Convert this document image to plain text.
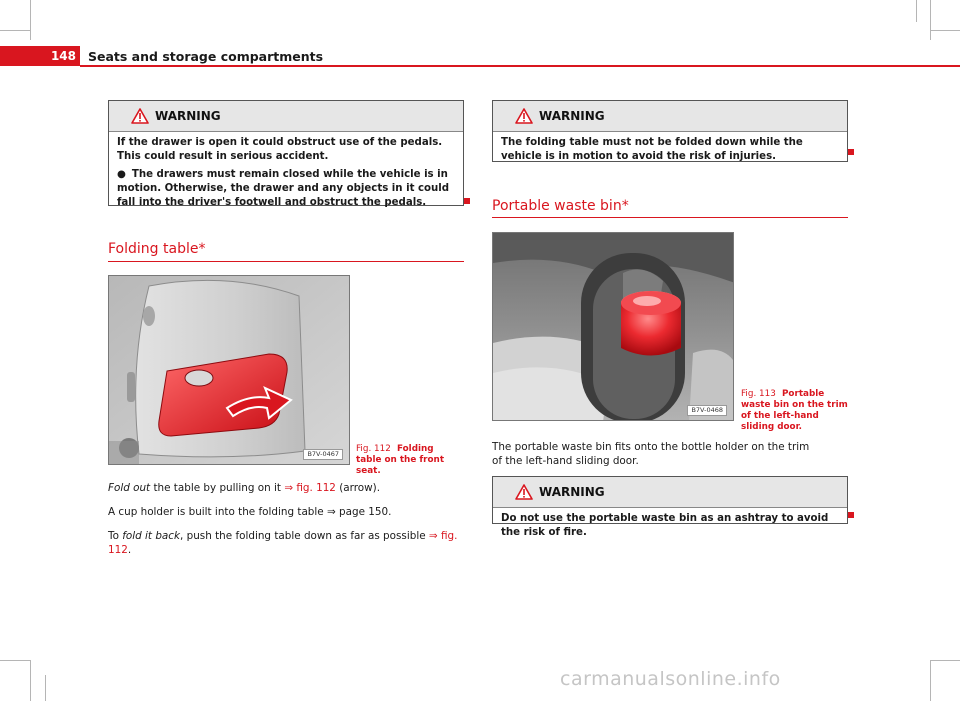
148 Seats and storage compartments
WARNING

If the drawer is open it could obstruct use of the pedals. This could result in serious accident.

● The drawers must remain closed while the vehicle is in motion. Otherwise, the drawer and any objects in it could fall into the driver's footwell and obstruct the pedals.

Folding table*
B7V-0467	Fig. 112 Folding table on the front seat.
Fold out the table by pulling on it ⇒ fig. 112 (arrow).
A cup holder is built into the folding table ⇒ page 150.
To fold it back, push the folding table down as far as possible ⇒ fig. 112.
WARNING

The folding table must not be folded down while the vehicle is in motion to avoid the risk of injuries.

Portable waste bin*
B7V-0468
Fig. 113 Portable waste bin on the trim of the left-hand sliding door.
The portable waste bin fits onto the bottle holder on the trim of the left-hand sliding door.
WARNING

Do not use the portable waste bin as an ashtray to avoid the risk of fire.

carmanualsonline.info
